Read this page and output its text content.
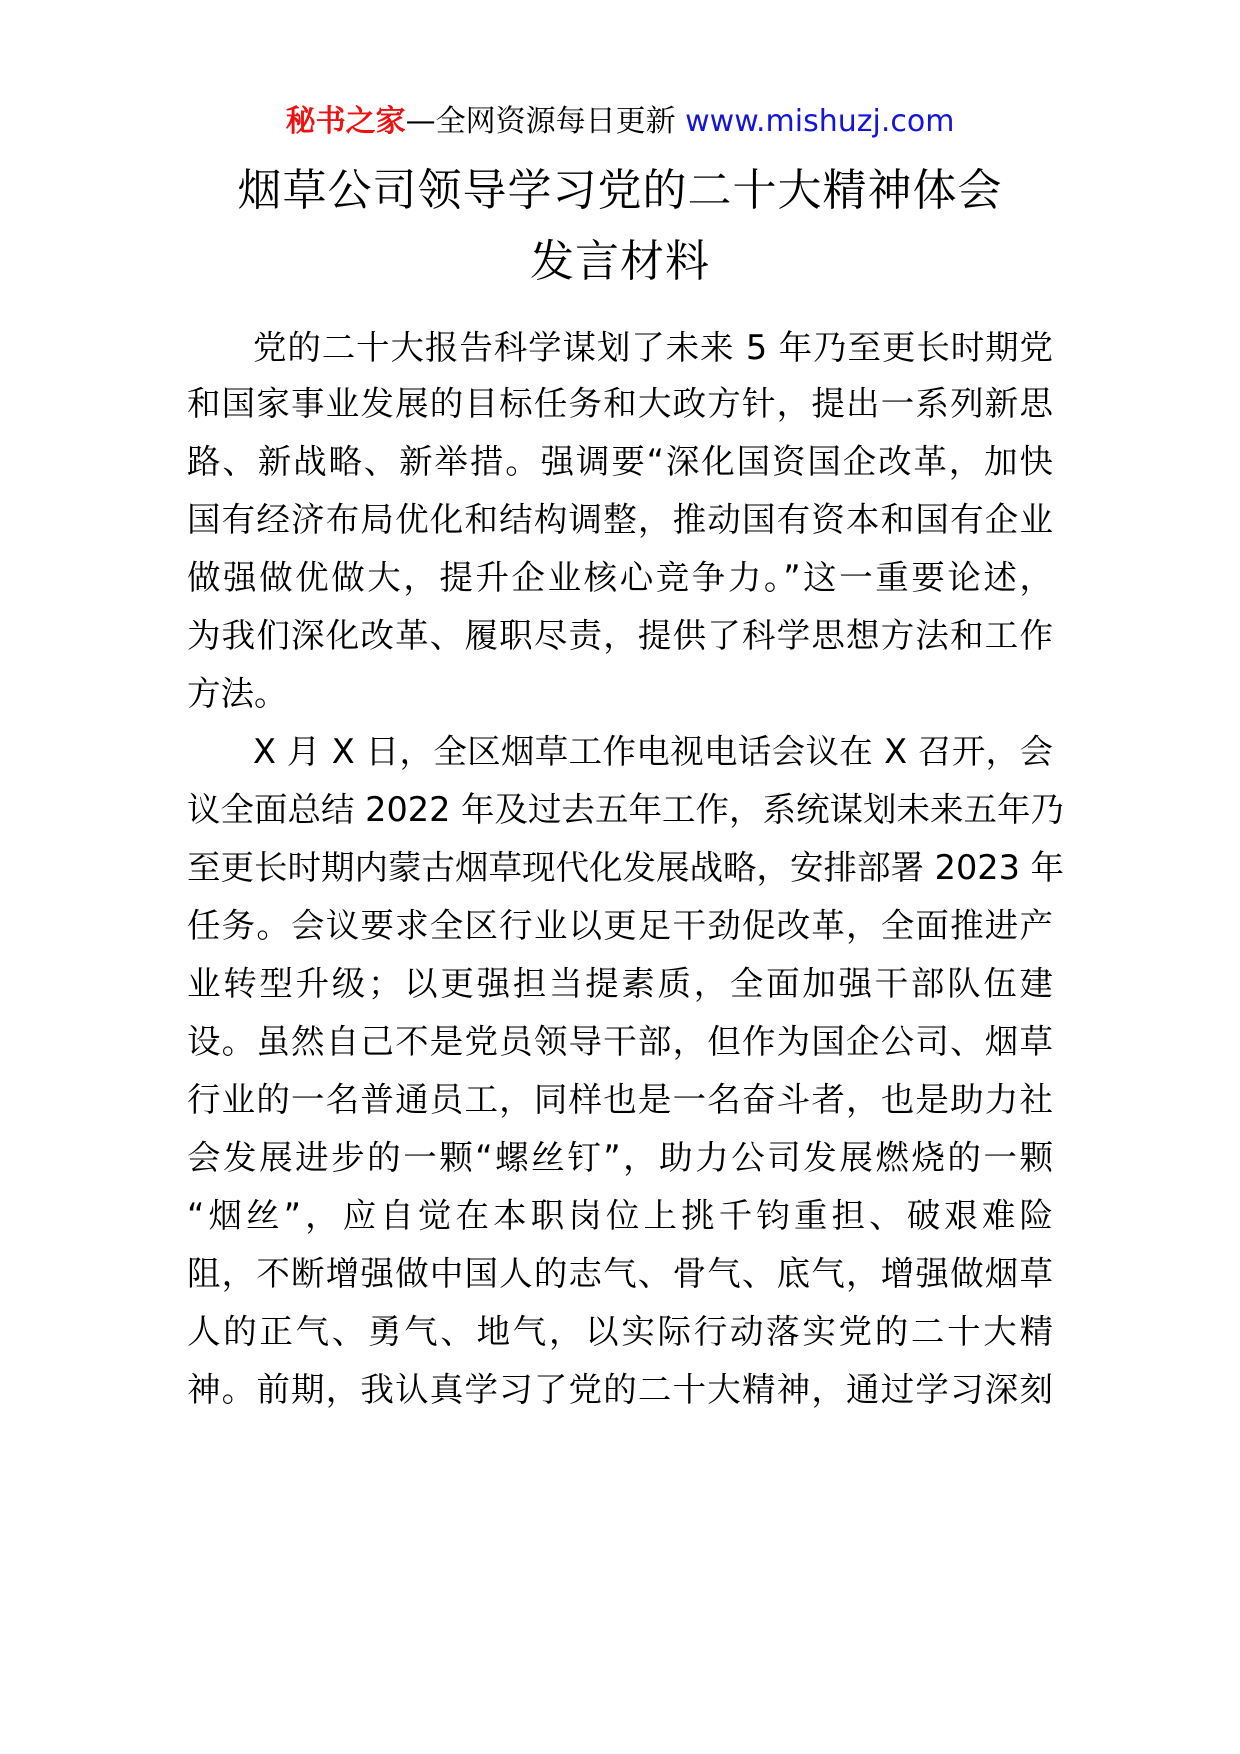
秘书之家—全网资源每日更新 www.mishuzj.com
烟草公司领导学习党的二十大精神体会
发言材料
党的二十大报告科学谋划了未来 5 年乃至更长时期党
和国家事业发展的目标任务和大政方针，提出一系列新思
路、新战略、新举措。强调要“深化国资国企改革，加快
国有经济布局优化和结构调整，推动国有资本和国有企业
做强做优做大，提升企业核心竞争力。”这一重要论述，
为我们深化改革、履职尽责，提供了科学思想方法和工作
方法。
X 月 X 日，全区烟草工作电视电话会议在 X 召开，会
议全面总结 2022 年及过去五年工作，系统谋划未来五年乃
至更长时期内蒙古烟草现代化发展战略，安排部署 2023 年
任务。会议要求全区行业以更足干劲促改革，全面推进产
业转型升级；以更强担当提素质，全面加强干部队伍建
设。虽然自己不是党员领导干部，但作为国企公司、烟草
行业的一名普通员工，同样也是一名奋斗者，也是助力社
会发展进步的一颗“螺丝钉”，助力公司发展燃烧的一颗
“烟丝”，应自觉在本职岗位上挑千钧重担、破艰难险
阻，不断增强做中国人的志气、骨气、底气，增强做烟草
人的正气、勇气、地气，以实际行动落实党的二十大精
神。前期，我认真学习了党的二十大精神，通过学习深刻
